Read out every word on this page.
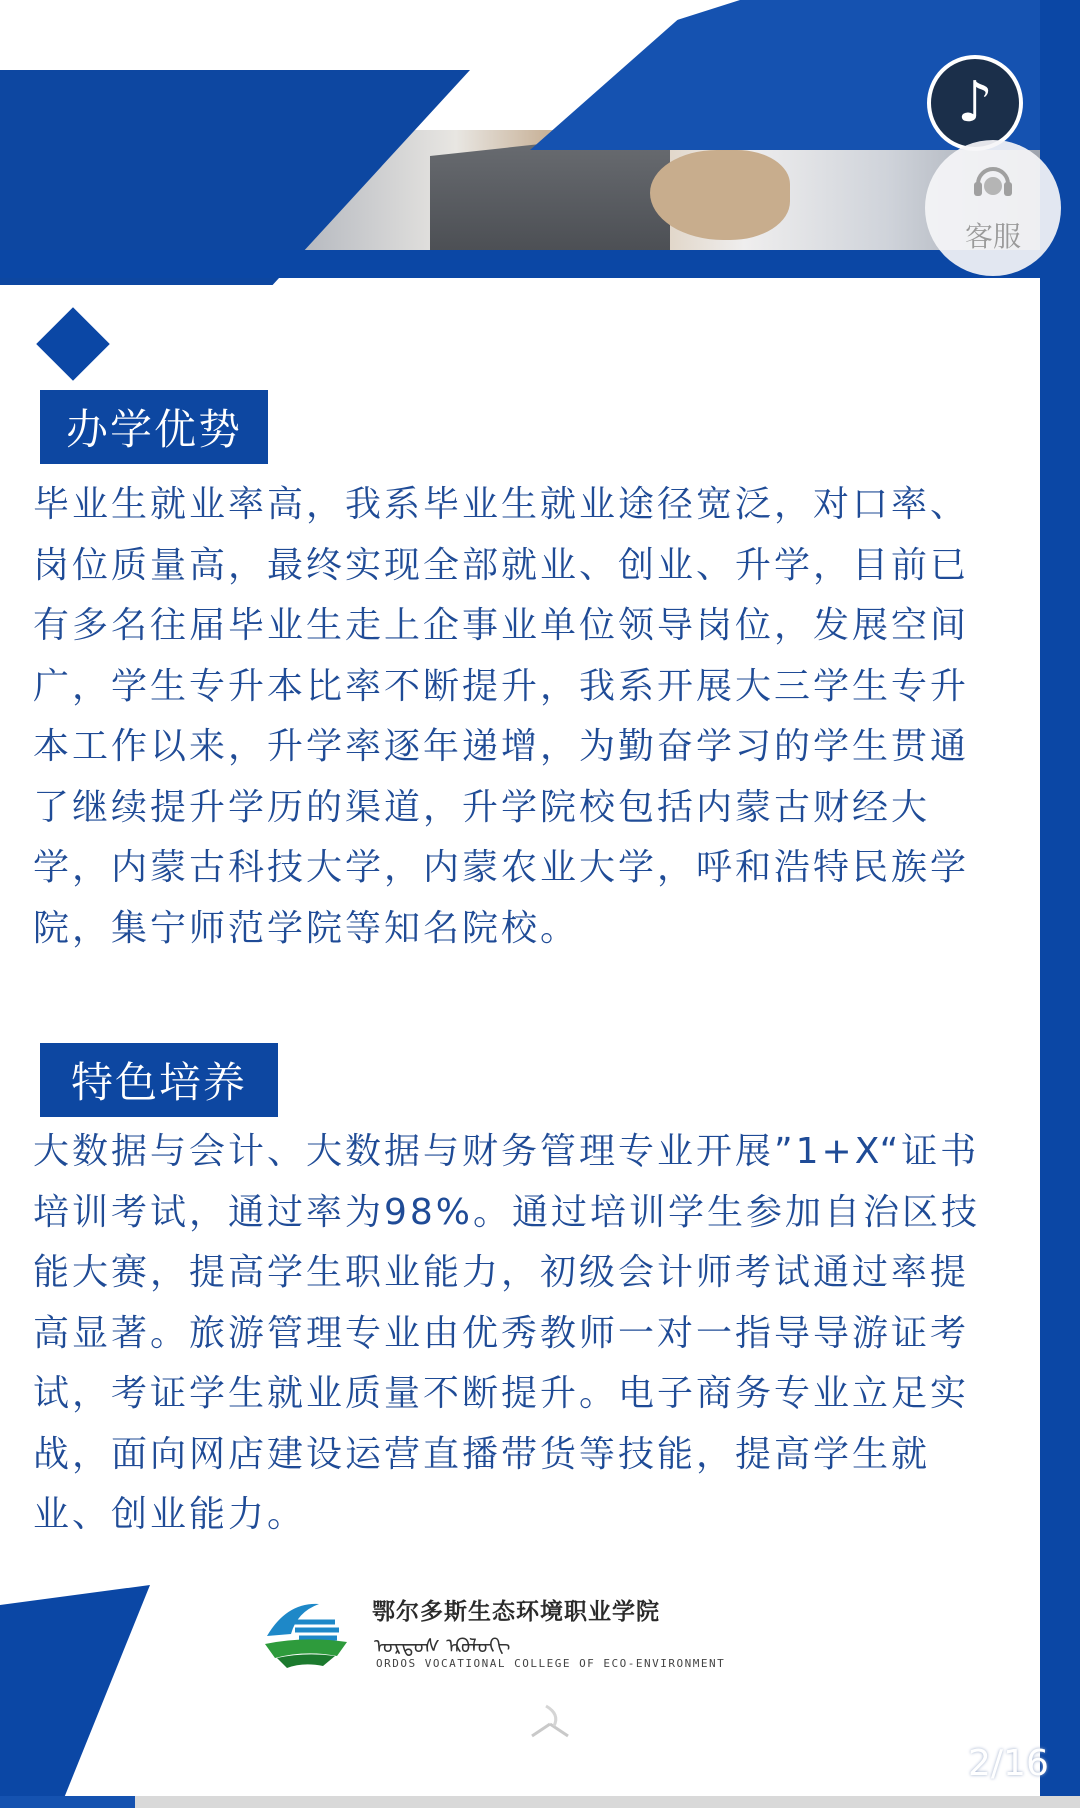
♪
客服
办学优势

毕业生就业率高，我系毕业生就业途径宽泛，对口率、岗位质量高，最终实现全部就业、创业、升学，目前已有多名往届毕业生走上企事业单位领导岗位，发展空间广，学生专升本比率不断提升，我系开展大三学生专升本工作以来，升学率逐年递增，为勤奋学习的学生贯通了继续提升学历的渠道，升学院校包括内蒙古财经大学，内蒙古科技大学，内蒙农业大学，呼和浩特民族学院，集宁师范学院等知名院校。

特色培养

大数据与会计、大数据与财务管理专业开展”1+X“证书培训考试，通过率为98%。通过培训学生参加自治区技能大赛，提高学生职业能力，初级会计师考试通过率提高显著。旅游管理专业由优秀教师一对一指导导游证考试，考证学生就业质量不断提升。电子商务专业立足实战，面向网店建设运营直播带货等技能，提高学生就业、创业能力。

鄂尔多斯生态环境职业学院
ᠣᠷᠳᠣᠰ ᠡᠺᠣᠯᠣᠭᠢ
ORDOS VOCATIONAL COLLEGE OF ECO-ENVIRONMENT
2/16
